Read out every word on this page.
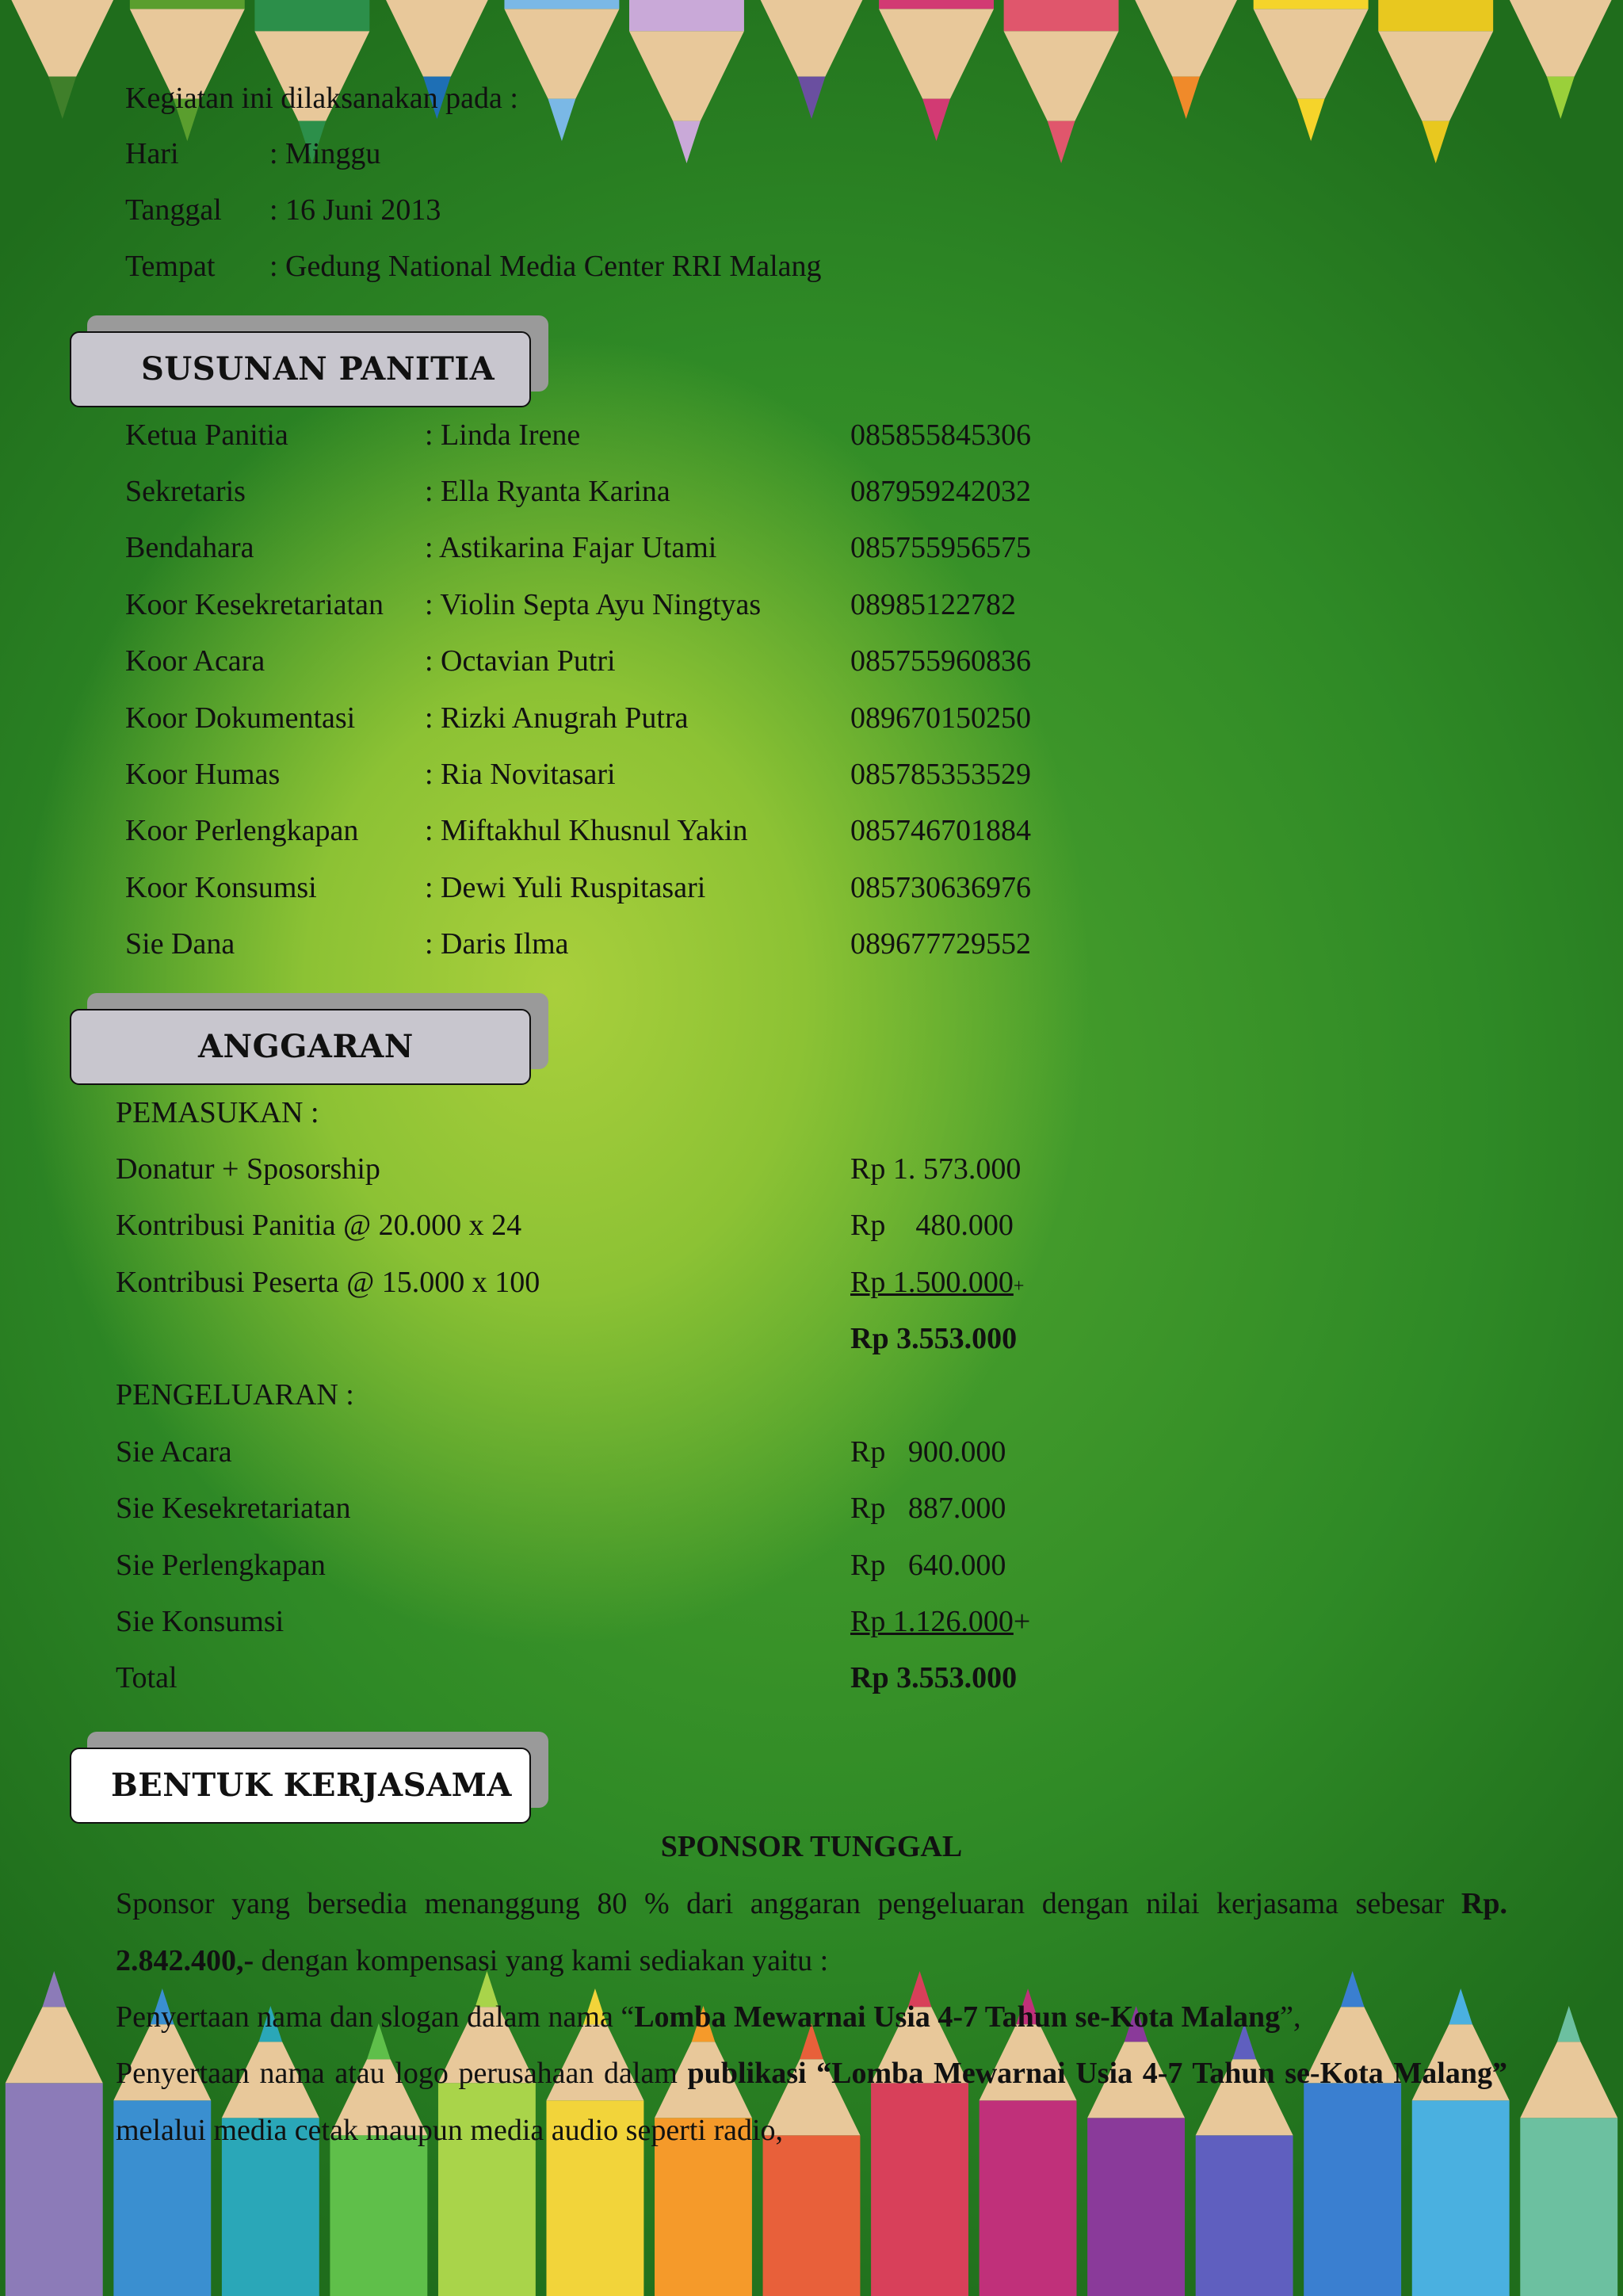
Kegiatan ini dilaksanakan pada :
Hari	: Minggu
Tanggal : 16 Juni 2013
Tempat : Gedung National Media Center RRI Malang
SUSUNAN PANITIA
Ketua Panitia	: Linda Irene	085855845306
Sekretaris	: Ella Ryanta Karina	087959242032
Bendahara	: Astikarina Fajar Utami	085755956575
Koor Kesekretariatan : Violin Septa Ayu Ningtyas	08985122782
Koor Acara	: Octavian Putri	085755960836
Koor Dokumentasi : Rizki Anugrah Putra	089670150250
Koor Humas	: Ria Novitasari	085785353529
Koor Perlengkapan : Miftakhul Khusnul Yakin	085746701884
Koor Konsumsi	: Dewi Yuli Ruspitasari	085730636976
Sie Dana	: Daris Ilma	089677729552
ANGGARAN
PEMASUKAN :
Donatur + Sposorship	Rp 1. 573.000
Kontribusi Panitia @ 20.000 x 24	Rp    480.000
Kontribusi Peserta @ 15.000 x 100	Rp 1.500.000+
Rp 3.553.000
PENGELUARAN :
Sie Acara	Rp   900.000
Sie Kesekretariatan	Rp   887.000
Sie Perlengkapan	Rp   640.000
Sie Konsumsi	Rp 1.126.000+
Total	Rp 3.553.000
BENTUK KERJASAMA
SPONSOR TUNGGAL
Sponsor yang bersedia menanggung 80 % dari anggaran pengeluaran dengan nilai kerjasama sebesar Rp. 2.842.400,- dengan kompensasi yang kami sediakan yaitu :
Penyertaan nama dan slogan dalam nama “Lomba Mewarnai Usia 4-7 Tahun se-Kota Malang”,
Penyertaan nama atau logo perusahaan dalam publikasi “Lomba Mewarnai Usia 4-7 Tahun se-Kota Malang” melalui media cetak maupun media audio seperti radio,
